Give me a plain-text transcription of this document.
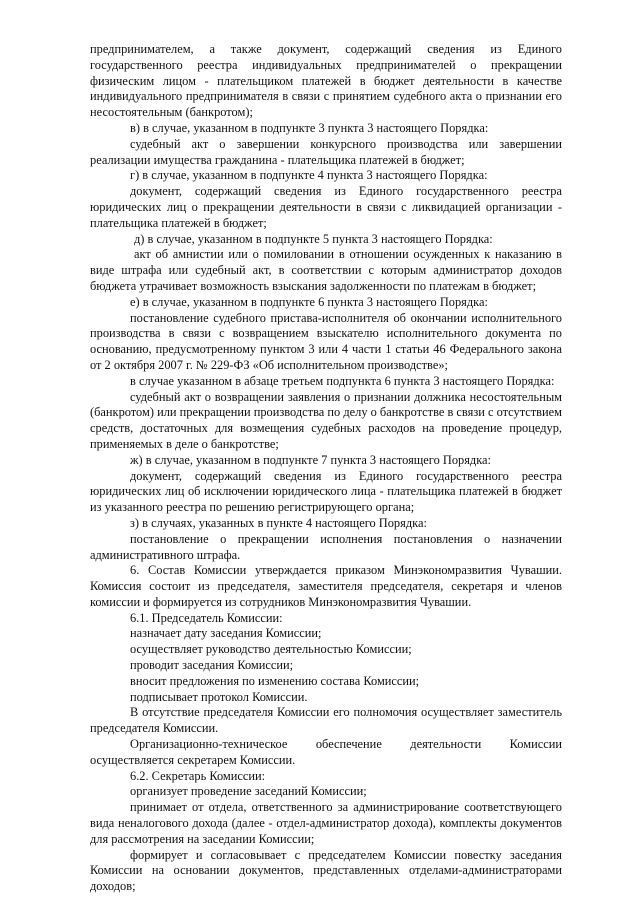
предпринимателем, а также документ, содержащий сведения из Единого государственного реестра индивидуальных предпринимателей о прекращении физическим лицом - плательщиком платежей в бюджет деятельности в качестве индивидуального предпринимателя в связи с принятием судебного акта о признании его несостоятельным (банкротом);

в) в случае, указанном в подпункте 3 пункта 3 настоящего Порядка:

судебный акт о завершении конкурсного производства или завершении реализации имущества гражданина - плательщика платежей в бюджет;

г) в случае, указанном в подпункте 4 пункта 3 настоящего Порядка:

документ, содержащий сведения из Единого государственного реестра юридических лиц о прекращении деятельности в связи с ликвидацией организации - плательщика платежей в бюджет;

д) в случае, указанном в подпункте 5 пункта 3 настоящего Порядка:

акт об амнистии или о помиловании в отношении осужденных к наказанию в виде штрафа или судебный акт, в соответствии с которым администратор доходов бюджета утрачивает возможность взыскания задолженности по платежам в бюджет;

е) в случае, указанном в подпункте 6 пункта 3 настоящего Порядка:

постановление судебного пристава-исполнителя об окончании исполнительного производства в связи с возвращением взыскателю исполнительного документа по основанию, предусмотренному пунктом 3 или 4 части 1 статьи 46 Федерального закона от 2 октября 2007 г. № 229-ФЗ «Об исполнительном производстве»;

в случае указанном в абзаце третьем подпункта 6 пункта 3 настоящего Порядка:

судебный акт о возвращении заявления о признании должника несостоятельным (банкротом) или прекращении производства по делу о банкротстве в связи с отсутствием средств, достаточных для возмещения судебных расходов на проведение процедур, применяемых в деле о банкротстве;

ж) в случае, указанном в подпункте 7 пункта 3 настоящего Порядка:

документ, содержащий сведения из Единого государственного реестра юридических лиц об исключении юридического лица - плательщика платежей в бюджет из указанного реестра по решению регистрирующего органа;

з) в случаях, указанных в пункте 4 настоящего Порядка:

постановление о прекращении исполнения постановления о назначении административного штрафа.

6. Состав Комиссии утверждается приказом Минэкономразвития Чувашии. Комиссия состоит из председателя, заместителя председателя, секретаря и членов комиссии и формируется из сотрудников Минэкономразвития Чувашии.

6.1. Председатель Комиссии:

назначает дату заседания Комиссии;

осуществляет руководство деятельностью Комиссии;

проводит заседания Комиссии;

вносит предложения по изменению состава Комиссии;

подписывает протокол Комиссии.

В отсутствие председателя Комиссии его полномочия осуществляет заместитель председателя Комиссии.

Организационно-техническое обеспечение деятельности Комиссии осуществляется секретарем Комиссии.

6.2. Секретарь Комиссии:

организует проведение заседаний Комиссии;

принимает от отдела, ответственного за администрирование соответствующего вида неналогового дохода (далее - отдел-администратор дохода), комплекты документов для рассмотрения на заседании Комиссии;

формирует и согласовывает с председателем Комиссии повестку заседания Комиссии на основании документов, представленных отделами-администраторами доходов;
